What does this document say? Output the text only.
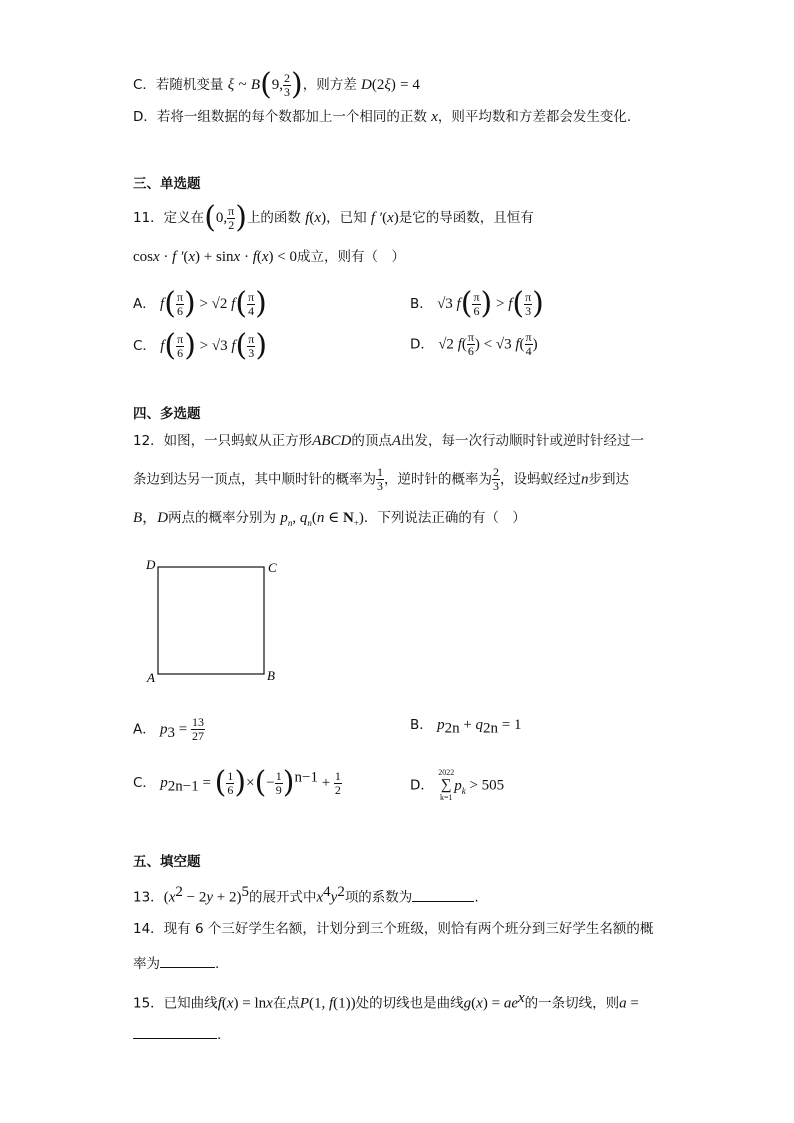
C．若随机变量 ξ ~ B(9, $\frac{2}{3}$ )，则方差 D(2ξ) = 4
D．若将一组数据的每个数都加上一个相同的正数 x，则平均数和方差都会发生变化.
三、单选题
11．定义在(0, $\frac{\pi}{2}$ )上的函数 f(x)，已知 f ′(x)是它的导函数，且恒有
cosx · f ′(x) + sinx · f(x) < 0成立，则有（　）
A． $f( \frac{\pi}{6}$ ) > √2 $f( \frac{\pi}{4}$ )	B． √3 $f( \frac{\pi}{6}$ ) > $f( \frac{\pi}{3}$ )
C． $f( \frac{\pi}{6}$ ) > √3 $f( \frac{\pi}{3}$ )	D． √2 $f( \frac{\pi}{6}$ ) < √3 $f( \frac{\pi}{4}$ )
四、多选题
12．如图，一只蚂蚁从正方形ABCD的顶点A出发，每一次行动顺时针或逆时针经过一
条边到达另一顶点，其中顺时针的概率为 $\frac{1}{3}$ ，逆时针的概率为 $\frac{2}{3}$ ，设蚂蚁经过n步到达
B，D两点的概率分别为 $p_n$, $q_n(n$ ∈ $N_+$)．下列说法正确的有（　）
D	C
A	B
A． $p_3 = \frac{13}{27}$	B． $p_{2n} + q_{2n} = 1$
C． $p_{2n-1}$ = ( $\frac{1}{6}$ )×(− $\frac{1}{9} )^{n-1} + \frac{1}{2}$	D．
2022
∑
k=1
$p_k > 505$
五、填空题
13．$(x^2 - 2y + 2)^5$的展开式中$x^4y^2$项的系数为	.
14．现有 6 个三好学生名额，计划分到三个班级，则恰有两个班分到三好学生名额的概
率为	.
15．已知曲线f(x) = lnx在点P(1, f(1))处的切线也是曲线$g(x) = ae^x$的一条切线，则a =
.
